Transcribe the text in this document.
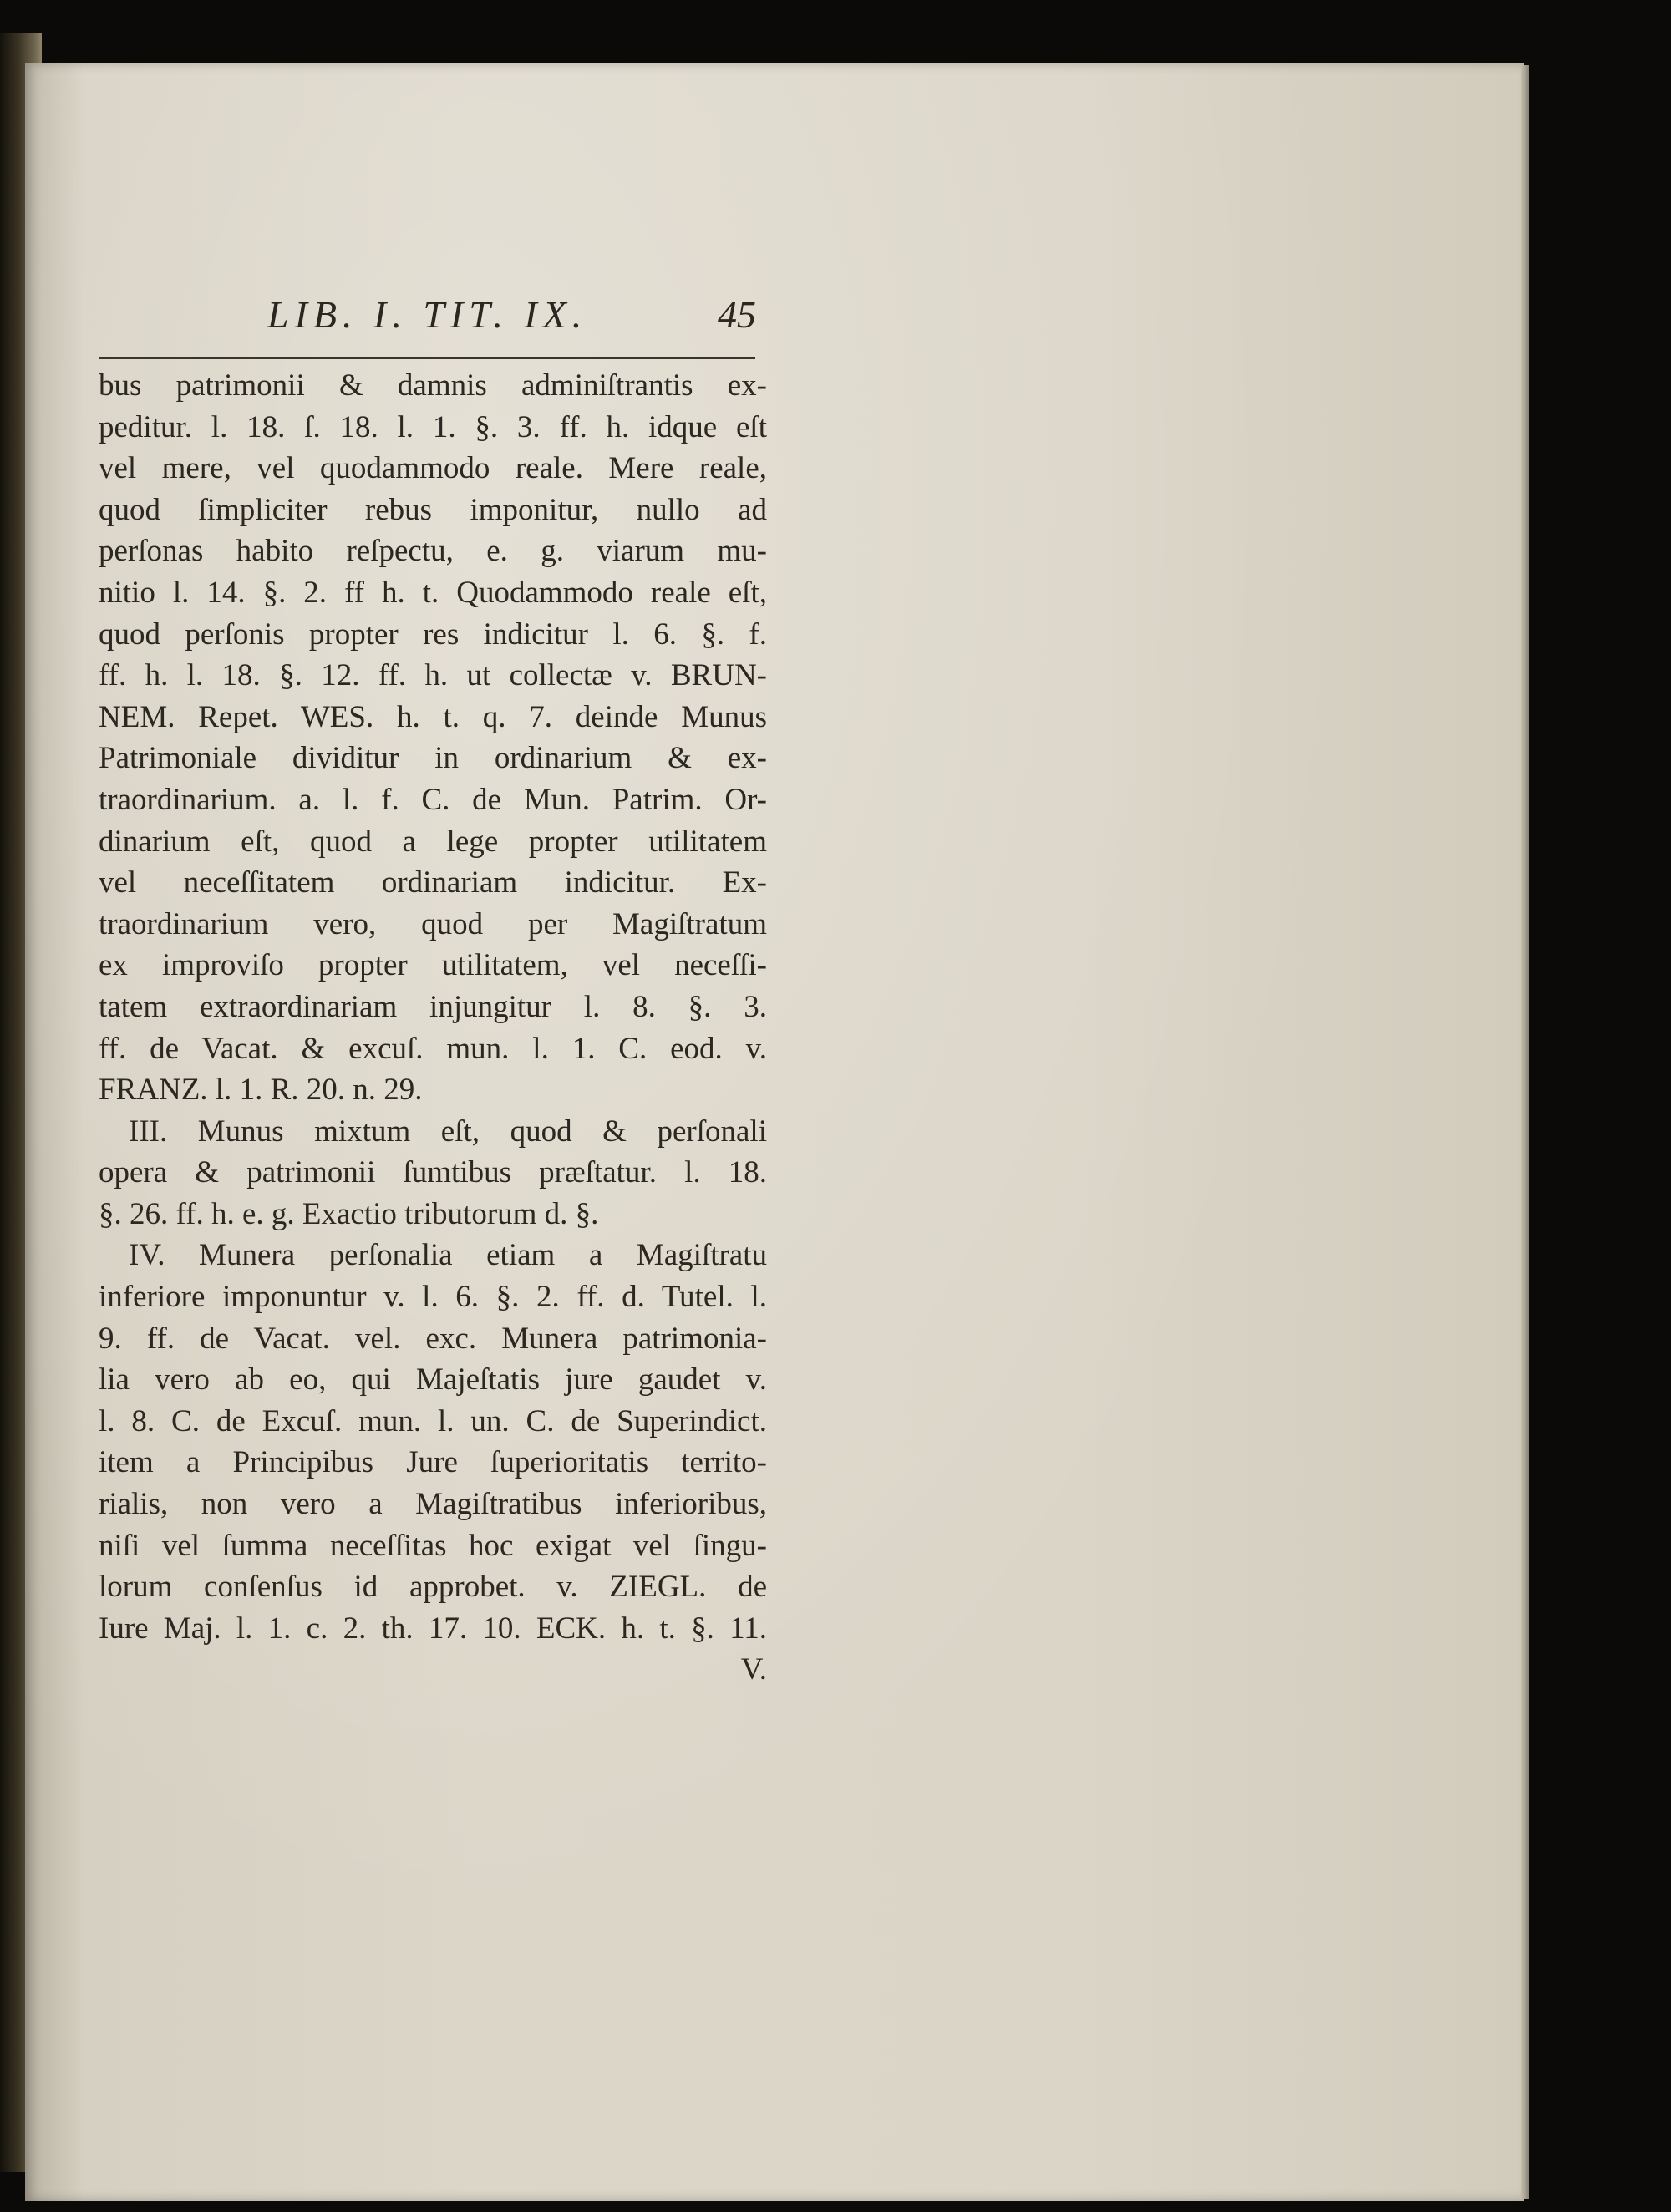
LIB. I. TIT. IX.	45
bus patrimonii & damnis adminiſtrantis ex-
peditur. l. 18. ſ. 18. l. 1. §. 3. ff. h. idque eſt
vel mere, vel quodammodo reale. Mere reale,
quod ſimpliciter rebus imponitur, nullo ad
perſonas habito reſpectu, e. g. viarum mu-
nitio l. 14. §. 2. ff h. t. Quodammodo reale eſt,
quod perſonis propter res indicitur l. 6. §. f.
ff. h. l. 18. §. 12. ff. h. ut collectæ v. BRUN-
NEM. Repet. WES. h. t. q. 7. deinde Munus
Patrimoniale dividitur in ordinarium & ex-
traordinarium. a. l. f. C. de Mun. Patrim. Or-
dinarium eſt, quod a lege propter utilitatem
vel neceſſitatem ordinariam indicitur. Ex-
traordinarium vero, quod per Magiſtratum
ex improviſo propter utilitatem, vel neceſſi-
tatem extraordinariam injungitur l. 8. §. 3.
ff. de Vacat. & excuſ. mun. l. 1. C. eod. v.
FRANZ. l. 1. R. 20. n. 29.
III. Munus mixtum eſt, quod & perſonali
opera & patrimonii ſumtibus præſtatur. l. 18.
§. 26. ff. h. e. g. Exactio tributorum d. §.
IV. Munera perſonalia etiam a Magiſtratu
inferiore imponuntur v. l. 6. §. 2. ff. d. Tutel. l.
9. ff. de Vacat. vel. exc. Munera patrimonia-
lia vero ab eo, qui Majeſtatis jure gaudet v.
l. 8. C. de Excuſ. mun. l. un. C. de Superindict.
item a Principibus Jure ſuperioritatis territo-
rialis, non vero a Magiſtratibus inferioribus,
niſi vel ſumma neceſſitas hoc exigat vel ſingu-
lorum conſenſus id approbet. v. ZIEGL. de
Iure Maj. l. 1. c. 2. th. 17. 10. ECK. h. t. §. 11.
V.
